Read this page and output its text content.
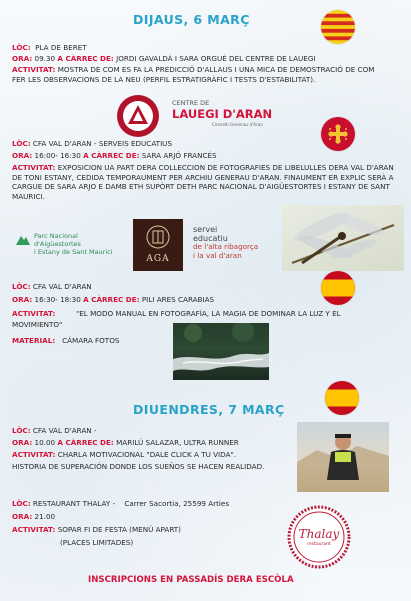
DIJAUS, 6 MARÇ
LÒC: PLA DE BERET
ORA: 09.30 A CÀRREC DE: JORDI GAVALDÀ I SARA ORGUÉ DEL CENTRE DE LAUEGI
ACTIVITAT: MOSTRA DE COM ES FA LA PREDICCIÓ D'ALLAUS I UNA MICA DE DEMOSTRACIÓ DE COM FER LES OBSERVACIONS DE LA NEU (PERFIL ESTRATIGRÀFIC I TESTS D'ESTABILITAT).
CENTRE DE
LAUEGI D'ARAN
Conselh Generau d'Aran
LÒC: CFA VAL D'ARAN - SERVEIS EDUCATIUS
ORA: 16:00- 16:30 A CÀRREC DE: SARA ARJÓ FRANCÉS
ACTIVITAT: EXPOSICION UA PART DERA COLLECCION DE FOTOGRAFIES DE LIBELULLES DERA VAL D'ARAN DE TONI ESTANY, CEDIDA TEMPORAUMENT PER ARCHIU GENERAU D'ARAN. FINAUMENT ER EXPLIC SERÀ A CARGUE DE SARA ARJO E DAMB ETH SUPÒRT DETH PARC NACIONAL D'AIGÜESTORTES I ESTANY DE SANT MAURICI.
Parc Nacional
d'Aigüestortes
i Estany de Sant Maurici
AGA
servei
educatiu
de l'alta ribagorça
i la val d'aran
LÒC: CFA VAL D'ARAN
ORA: 16:30- 18:30 A CÀRREC DE: PILI ARES CARABIAS
ACTIVITAT:	"EL MODO MANUAL EN FOTOGRAFÍA, LA MAGIA DE DOMINAR LA LUZ Y EL MOVIMIENTO"
MATERIAL: CÁMARA FOTOS
DIUENDRES, 7 MARÇ
LÒC: CFA VAL D'ARAN -
ORA: 10.00 A CÀRREC DE: MARILÚ SALAZAR, ULTRA RUNNER
ACTIVITAT: CHARLA MOTIVACIONAL "DALE CLICK A TU VIDA".
HISTORIA DE SUPERACIÓN DONDE LOS SUEÑOS SE HACEN REALIDAD.
LÒC: RESTAURANT THALAY - Carrer Sacortia, 25599 Arties
ORA: 21.00
ACTIVITAT: SOPAR FI DE FESTA (MENÚ APART)
(PLACES LIMITADES)
Thalay
restaurant
INSCRIPCIONS EN PASSADÍS DERA ESCÒLA
